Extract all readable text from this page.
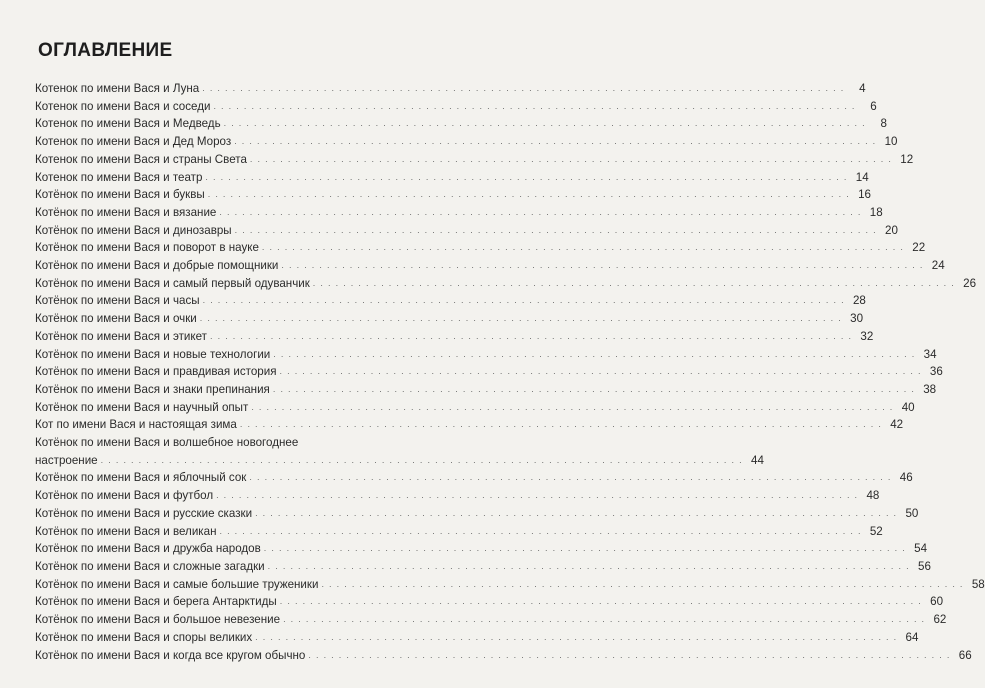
ОГЛАВЛЕНИЕ
Котенок по имени Вася и Луна . . . . . . . . . . . . . . . . . . . . . . . . . . . . . . . . . . . . . . . . . . . . . . . . . . . . . . . . . . . . . . . . . . . . . . . . . . . . . . . . . . . . .	4
Котенок по имени Вася и соседи . . . . . . . . . . . . . . . . . . . . . . . . . . . . . . . . . . . . . . . . . . . . . . . . . . . . . . . . . . . . . . . . . . . . . . . . . . . . . . . . . . . . .	6
Котенок по имени Вася и Медведь . . . . . . . . . . . . . . . . . . . . . . . . . . . . . . . . . . . . . . . . . . . . . . . . . . . . . . . . . . . . . . . . . . . . . . . . . . . . . . . . . . . . .	8
Котенок по имени Вася и Дед Мороз . . . . . . . . . . . . . . . . . . . . . . . . . . . . . . . . . . . . . . . . . . . . . . . . . . . . . . . . . . . . . . . . . . . . . . . . . . . . . . . . . . . . . 10
Котенок по имени Вася и страны Света . . . . . . . . . . . . . . . . . . . . . . . . . . . . . . . . . . . . . . . . . . . . . . . . . . . . . . . . . . . . . . . . . . . . . . . . . . . . . . . . . . . . . 12
Котенок по имени Вася и театр . . . . . . . . . . . . . . . . . . . . . . . . . . . . . . . . . . . . . . . . . . . . . . . . . . . . . . . . . . . . . . . . . . . . . . . . . . . . . . . . . . . . . 14
Котёнок по имени Вася и буквы . . . . . . . . . . . . . . . . . . . . . . . . . . . . . . . . . . . . . . . . . . . . . . . . . . . . . . . . . . . . . . . . . . . . . . . . . . . . . . . . . . . . . 16
Котёнок по имени Вася и вязание . . . . . . . . . . . . . . . . . . . . . . . . . . . . . . . . . . . . . . . . . . . . . . . . . . . . . . . . . . . . . . . . . . . . . . . . . . . . . . . . . . . . . 18
Котёнок по имени Вася и динозавры . . . . . . . . . . . . . . . . . . . . . . . . . . . . . . . . . . . . . . . . . . . . . . . . . . . . . . . . . . . . . . . . . . . . . . . . . . . . . . . . . . . . . 20
Котёнок по имени Вася и поворот в науке . . . . . . . . . . . . . . . . . . . . . . . . . . . . . . . . . . . . . . . . . . . . . . . . . . . . . . . . . . . . . . . . . . . . . . . . . . . . . . . . . . . . . 22
Котёнок по имени Вася и добрые помощники . . . . . . . . . . . . . . . . . . . . . . . . . . . . . . . . . . . . . . . . . . . . . . . . . . . . . . . . . . . . . . . . . . . . . . . . . . . . . . . . . . . . . 24
Котёнок по имени Вася и самый первый одуванчик . . . . . . . . . . . . . . . . . . . . . . . . . . . . . . . . . . . . . . . . . . . . . . . . . . . . . . . . . . . . . . . . . . . . . . . . . . . . . . . . . . . . . 26
Котёнок по имени Вася и часы . . . . . . . . . . . . . . . . . . . . . . . . . . . . . . . . . . . . . . . . . . . . . . . . . . . . . . . . . . . . . . . . . . . . . . . . . . . . . . . . . . . . . 28
Котёнок по имени Вася и очки . . . . . . . . . . . . . . . . . . . . . . . . . . . . . . . . . . . . . . . . . . . . . . . . . . . . . . . . . . . . . . . . . . . . . . . . . . . . . . . . . . . . . 30
Котёнок по имени Вася и этикет . . . . . . . . . . . . . . . . . . . . . . . . . . . . . . . . . . . . . . . . . . . . . . . . . . . . . . . . . . . . . . . . . . . . . . . . . . . . . . . . . . . . . 32
Котёнок по имени Вася и новые технологии . . . . . . . . . . . . . . . . . . . . . . . . . . . . . . . . . . . . . . . . . . . . . . . . . . . . . . . . . . . . . . . . . . . . . . . . . . . . . . . . . . . . . 34
Котёнок по имени Вася и правдивая история . . . . . . . . . . . . . . . . . . . . . . . . . . . . . . . . . . . . . . . . . . . . . . . . . . . . . . . . . . . . . . . . . . . . . . . . . . . . . . . . . . . . . 36
Котёнок по имени Вася и знаки препинания . . . . . . . . . . . . . . . . . . . . . . . . . . . . . . . . . . . . . . . . . . . . . . . . . . . . . . . . . . . . . . . . . . . . . . . . . . . . . . . . . . . . . 38
Котёнок по имени Вася и научный опыт . . . . . . . . . . . . . . . . . . . . . . . . . . . . . . . . . . . . . . . . . . . . . . . . . . . . . . . . . . . . . . . . . . . . . . . . . . . . . . . . . . . . . 40
Кот по имени Вася и настоящая зима . . . . . . . . . . . . . . . . . . . . . . . . . . . . . . . . . . . . . . . . . . . . . . . . . . . . . . . . . . . . . . . . . . . . . . . . . . . . . . . . . . . . . 42
Котёнок по имени Вася и волшебное новогоднее
настроение . . . . . . . . . . . . . . . . . . . . . . . . . . . . . . . . . . . . . . . . . . . . . . . . . . . . . . . . . . . . . . . . . . . . . . . . . . . . . . . . . . . . . 44
Котёнок по имени Вася и яблочный сок . . . . . . . . . . . . . . . . . . . . . . . . . . . . . . . . . . . . . . . . . . . . . . . . . . . . . . . . . . . . . . . . . . . . . . . . . . . . . . . . . . . . . 46
Котёнок по имени Вася и футбол . . . . . . . . . . . . . . . . . . . . . . . . . . . . . . . . . . . . . . . . . . . . . . . . . . . . . . . . . . . . . . . . . . . . . . . . . . . . . . . . . . . . . 48
Котёнок по имени Вася и русские сказки . . . . . . . . . . . . . . . . . . . . . . . . . . . . . . . . . . . . . . . . . . . . . . . . . . . . . . . . . . . . . . . . . . . . . . . . . . . . . . . . . . . . . 50
Котёнок по имени Вася и великан . . . . . . . . . . . . . . . . . . . . . . . . . . . . . . . . . . . . . . . . . . . . . . . . . . . . . . . . . . . . . . . . . . . . . . . . . . . . . . . . . . . . . 52
Котёнок по имени Вася и дружба народов . . . . . . . . . . . . . . . . . . . . . . . . . . . . . . . . . . . . . . . . . . . . . . . . . . . . . . . . . . . . . . . . . . . . . . . . . . . . . . . . . . . . . 54
Котёнок по имени Вася и сложные загадки . . . . . . . . . . . . . . . . . . . . . . . . . . . . . . . . . . . . . . . . . . . . . . . . . . . . . . . . . . . . . . . . . . . . . . . . . . . . . . . . . . . . . 56
Котёнок по имени Вася и самые большие труженики . . . . . . . . . . . . . . . . . . . . . . . . . . . . . . . . . . . . . . . . . . . . . . . . . . . . . . . . . . . . . . . . . . . . . . . . . . . . . . . . . . . . . 58
Котёнок по имени Вася и берега Антарктиды . . . . . . . . . . . . . . . . . . . . . . . . . . . . . . . . . . . . . . . . . . . . . . . . . . . . . . . . . . . . . . . . . . . . . . . . . . . . . . . . . . . . . 60
Котёнок по имени Вася и большое невезение . . . . . . . . . . . . . . . . . . . . . . . . . . . . . . . . . . . . . . . . . . . . . . . . . . . . . . . . . . . . . . . . . . . . . . . . . . . . . . . . . . . . . 62
Котёнок по имени Вася и споры великих . . . . . . . . . . . . . . . . . . . . . . . . . . . . . . . . . . . . . . . . . . . . . . . . . . . . . . . . . . . . . . . . . . . . . . . . . . . . . . . . . . . . . 64
Котёнок по имени Вася и когда все кругом обычно . . . . . . . . . . . . . . . . . . . . . . . . . . . . . . . . . . . . . . . . . . . . . . . . . . . . . . . . . . . . . . . . . . . . . . . . . . . . . . . . . . . . . 66
